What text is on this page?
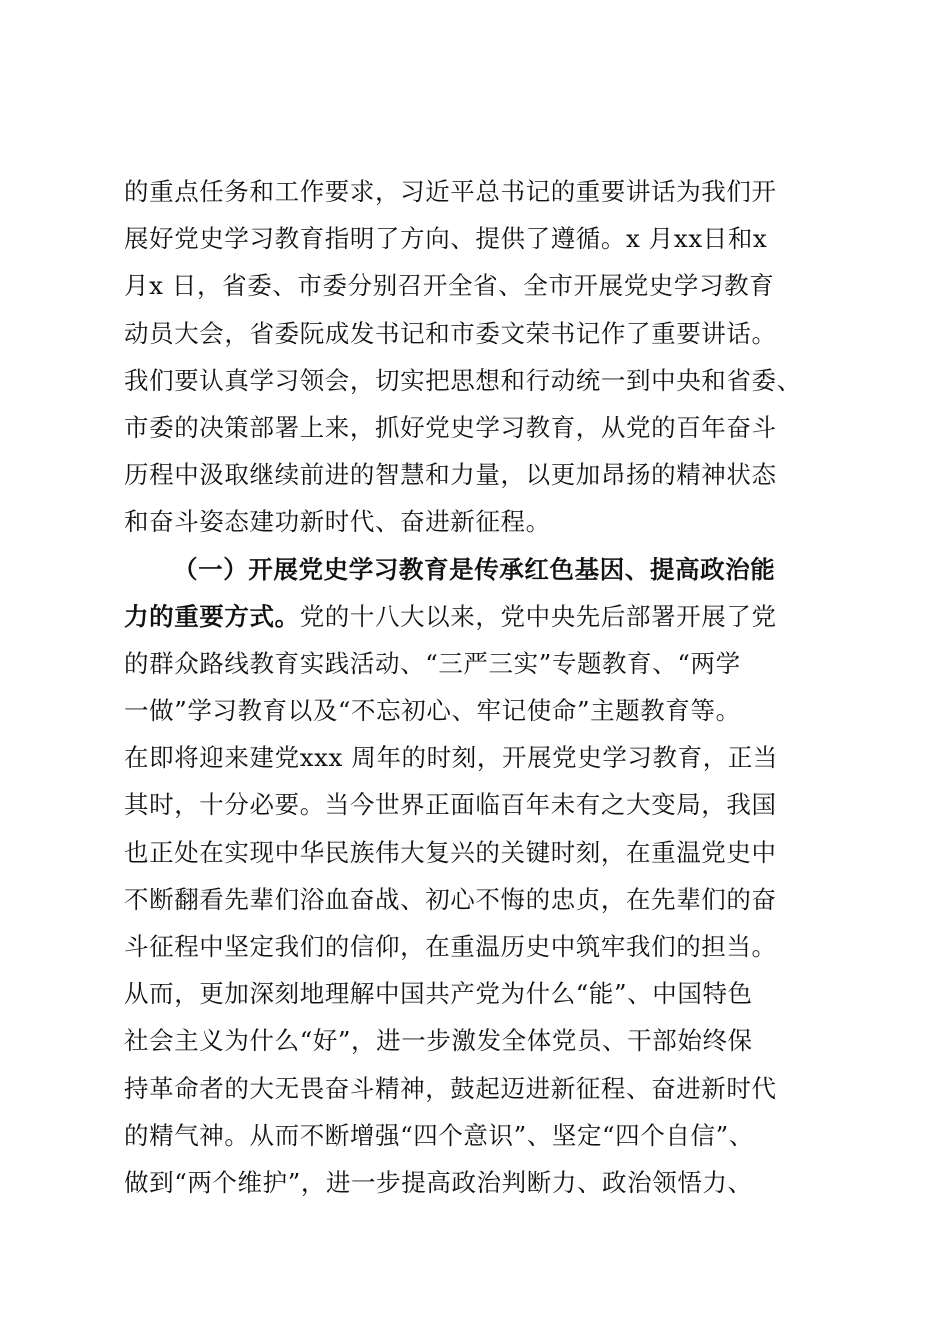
的重点任务和工作要求，习近平总书记的重要讲话为我们开
展好党史学习教育指明了方向、提供了遵循。x 月xx日和x
月x 日，省委、市委分别召开全省、全市开展党史学习教育
动员大会，省委阮成发书记和市委文荣书记作了重要讲话。
我们要认真学习领会，切实把思想和行动统一到中央和省委、
市委的决策部署上来，抓好党史学习教育，从党的百年奋斗
历程中汲取继续前进的智慧和力量，以更加昂扬的精神状态
和奋斗姿态建功新时代、奋进新征程。
（一）开展党史学习教育是传承红色基因、提高政治能
力的重要方式。党的十八大以来，党中央先后部署开展了党
的群众路线教育实践活动、“三严三实”专题教育、“两学
一做”学习教育以及“不忘初心、牢记使命”主题教育等。
在即将迎来建党xxx 周年的时刻，开展党史学习教育，正当
其时，十分必要。当今世界正面临百年未有之大变局，我国
也正处在实现中华民族伟大复兴的关键时刻，在重温党史中
不断翻看先辈们浴血奋战、初心不悔的忠贞，在先辈们的奋
斗征程中坚定我们的信仰，在重温历史中筑牢我们的担当。
从而，更加深刻地理解中国共产党为什么“能”、中国特色
社会主义为什么“好”，进一步激发全体党员、干部始终保
持革命者的大无畏奋斗精神，鼓起迈进新征程、奋进新时代
的精气神。从而不断增强“四个意识”、坚定“四个自信”、
做到“两个维护”，进一步提高政治判断力、政治领悟力、
